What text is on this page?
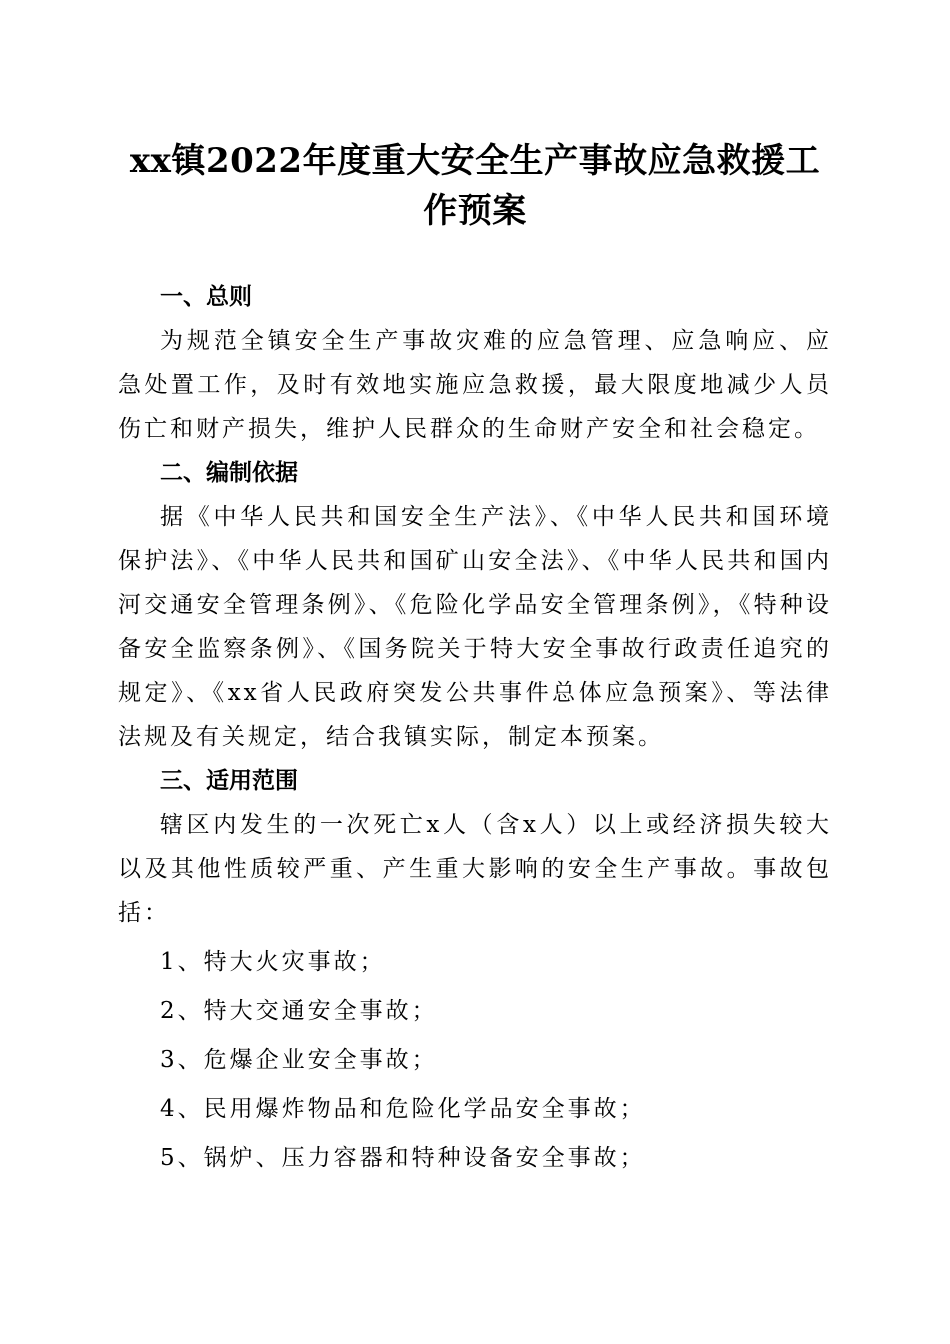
xx镇2022年度重大安全生产事故应急救援工作预案
一、总则

为规范全镇安全生产事故灾难的应急管理、应急响应、应急处置工作，及时有效地实施应急救援，最大限度地减少人员伤亡和财产损失，维护人民群众的生命财产安全和社会稳定。

二、编制依据

据《中华人民共和国安全生产法》、《中华人民共和国环境保护法》、《中华人民共和国矿山安全法》、《中华人民共和国内河交通安全管理条例》、《危险化学品安全管理条例》，《特种设备安全监察条例》、《国务院关于特大安全事故行政责任追究的规定》、《xx省人民政府突发公共事件总体应急预案》、等法律法规及有关规定，结合我镇实际，制定本预案。

三、适用范围

辖区内发生的一次死亡x人（含x人）以上或经济损失较大以及其他性质较严重、产生重大影响的安全生产事故。事故包括：

1、特大火灾事故；
2、特大交通安全事故；
3、危爆企业安全事故；
4、民用爆炸物品和危险化学品安全事故；
5、锅炉、压力容器和特种设备安全事故；
